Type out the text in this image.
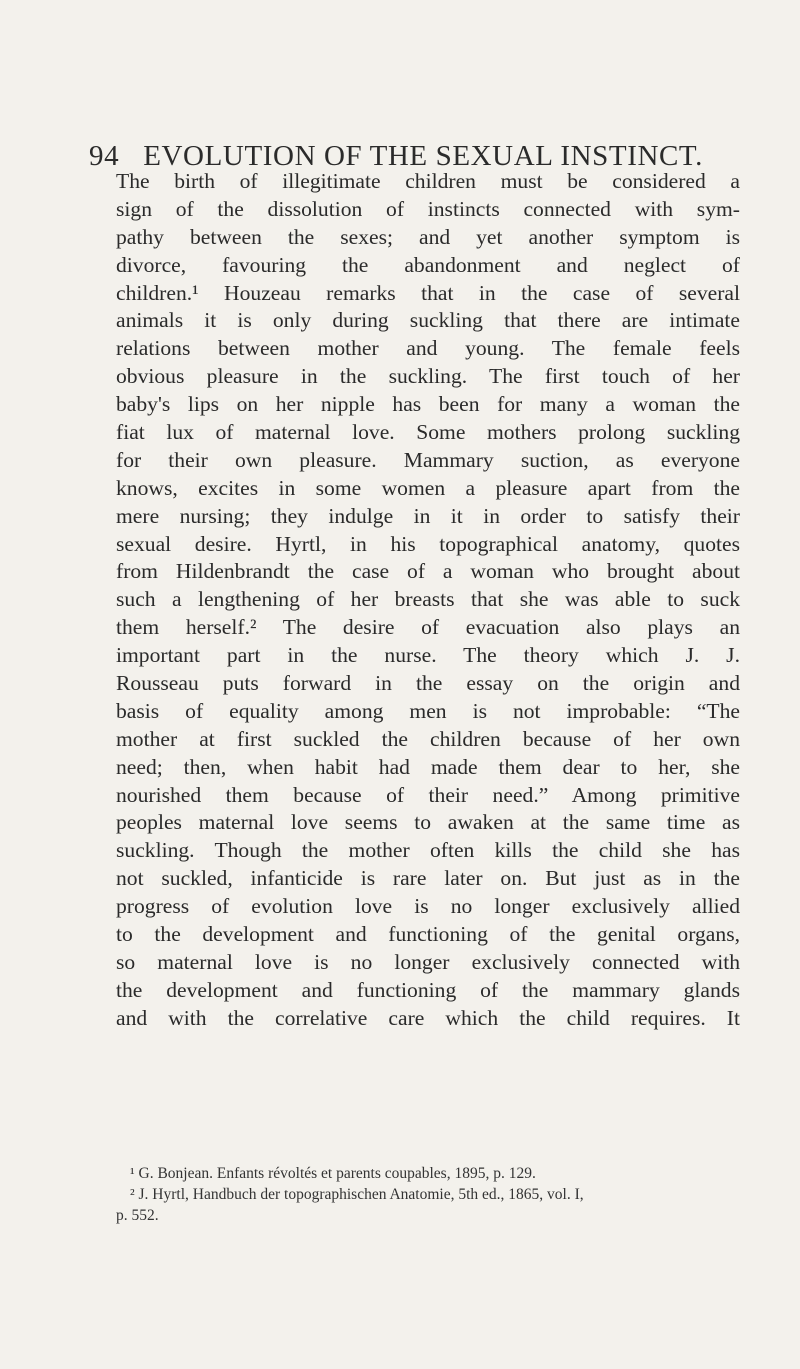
94 EVOLUTION OF THE SEXUAL INSTINCT.
The birth of illegitimate children must be considered a
sign of the dissolution of instincts connected with sym-
pathy between the sexes; and yet another symptom is
divorce, favouring the abandonment and neglect of
children.¹ Houzeau remarks that in the case of several
animals it is only during suckling that there are intimate
relations between mother and young. The female feels
obvious pleasure in the suckling. The first touch of her
baby's lips on her nipple has been for many a woman the
fiat lux of maternal love. Some mothers prolong suckling
for their own pleasure. Mammary suction, as everyone
knows, excites in some women a pleasure apart from the
mere nursing; they indulge in it in order to satisfy their
sexual desire. Hyrtl, in his topographical anatomy, quotes
from Hildenbrandt the case of a woman who brought about
such a lengthening of her breasts that she was able to suck
them herself.² The desire of evacuation also plays an
important part in the nurse. The theory which J. J.
Rousseau puts forward in the essay on the origin and
basis of equality among men is not improbable: “The
mother at first suckled the children because of her own
need; then, when habit had made them dear to her, she
nourished them because of their need.” Among primitive
peoples maternal love seems to awaken at the same time as
suckling. Though the mother often kills the child she has
not suckled, infanticide is rare later on. But just as in the
progress of evolution love is no longer exclusively allied
to the development and functioning of the genital organs,
so maternal love is no longer exclusively connected with
the development and functioning of the mammary glands
and with the correlative care which the child requires. It
¹ G. Bonjean. Enfants révoltés et parents coupables, 1895, p. 129.
² J. Hyrtl, Handbuch der topographischen Anatomie, 5th ed., 1865, vol. I,
p. 552.
